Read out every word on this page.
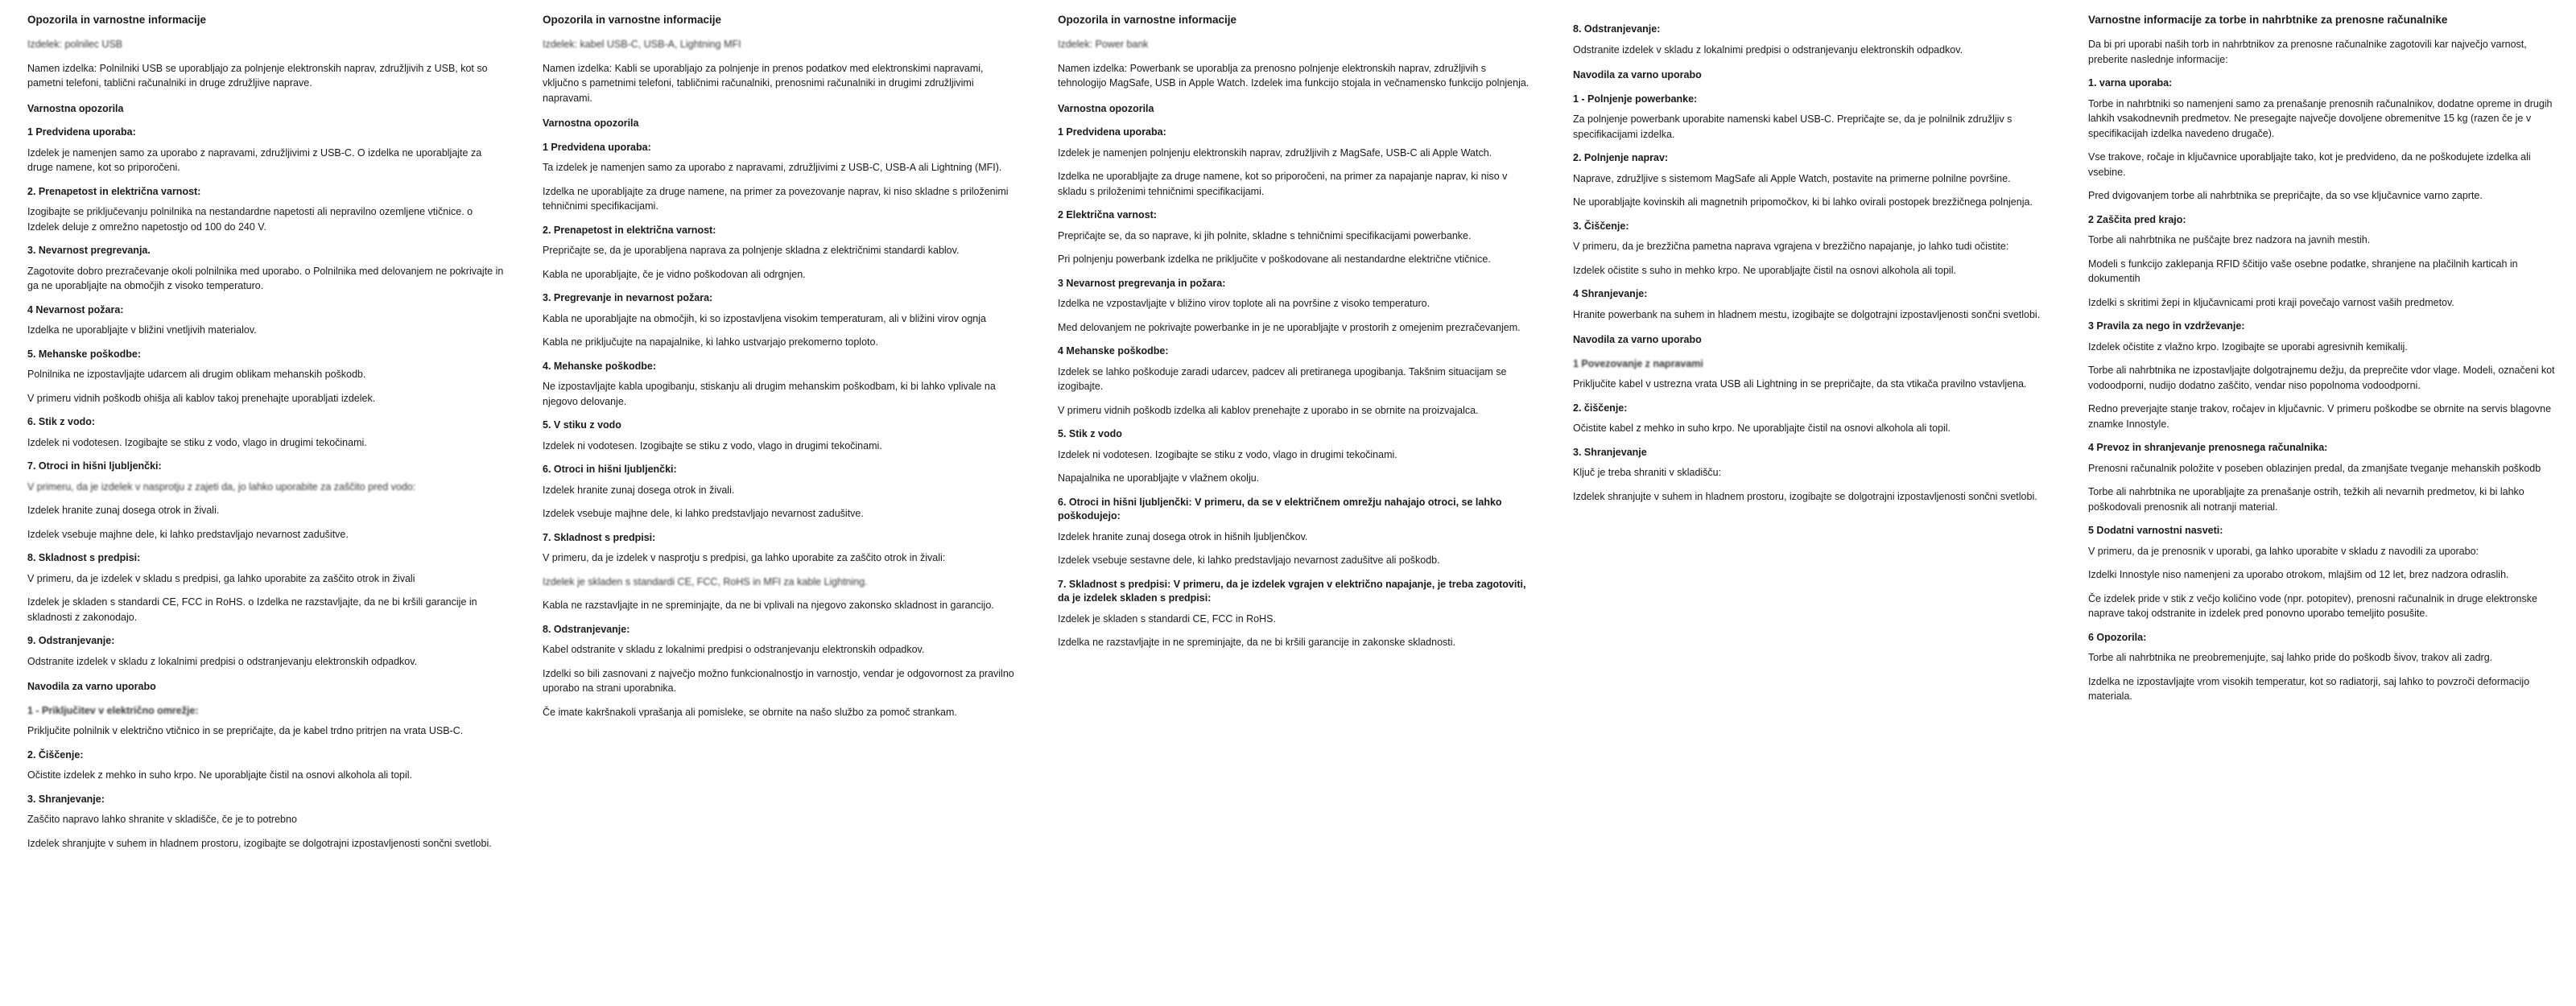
Opozorila in varnostne informacije

Izdelek: polnilec USB

Namen izdelka: Polnilniki USB se uporabljajo za polnjenje elektronskih naprav, združljivih z USB, kot so pametni telefoni, tablični računalniki in druge združljive naprave.

Varnostna opozorila
1 Predvidena uporaba:

Izdelek je namenjen samo za uporabo z napravami, združljivimi z USB-C. O izdelka ne uporabljajte za druge namene, kot so priporočeni.

2. Prenapetost in električna varnost:

Izogibajte se priključevanju polnilnika na nestandardne napetosti ali nepravilno ozemljene vtičnice. o Izdelek deluje z omrežno napetostjo od 100 do 240 V.

3. Nevarnost pregrevanja.

Zagotovite dobro prezračevanje okoli polnilnika med uporabo. o Polnilnika med delovanjem ne pokrivajte in ga ne uporabljajte na območjih z visoko temperaturo.

4 Nevarnost požara:

Izdelka ne uporabljajte v bližini vnetljivih materialov.

5. Mehanske poškodbe:

Polnilnika ne izpostavljajte udarcem ali drugim oblikam mehanskih poškodb.

V primeru vidnih poškodb ohišja ali kablov takoj prenehajte uporabljati izdelek.

6. Stik z vodo:

Izdelek ni vodotesen. Izogibajte se stiku z vodo, vlago in drugimi tekočinami.

7. Otroci in hišni ljubljenčki:

V primeru, da je izdelek v nasprotju z zajeti da, jo lahko uporabite za zaščito pred vodo:

Izdelek hranite zunaj dosega otrok in živali.

Izdelek vsebuje majhne dele, ki lahko predstavljajo nevarnost zadušitve.

8. Skladnost s predpisi:

V primeru, da je izdelek v skladu s predpisi, ga lahko uporabite za zaščito otrok in živali

Izdelek je skladen s standardi CE, FCC in RoHS. o Izdelka ne razstavljajte, da ne bi kršili garancije in skladnosti z zakonodajo.

9. Odstranjevanje:

Odstranite izdelek v skladu z lokalnimi predpisi o odstranjevanju elektronskih odpadkov.

Navodila za varno uporabo
1 - Priključitev v električno omrežje:

Priključite polnilnik v električno vtičnico in se prepričajte, da je kabel trdno pritrjen na vrata USB-C.

2. Čiščenje:

Očistite izdelek z mehko in suho krpo. Ne uporabljajte čistil na osnovi alkohola ali topil.

3. Shranjevanje:

Zaščito napravo lahko shranite v skladišče, če je to potrebno

Izdelek shranjujte v suhem in hladnem prostoru, izogibajte se dolgotrajni izpostavljenosti sončni svetlobi.

Opozorila in varnostne informacije

Izdelek: kabel USB-C, USB-A, Lightning MFI

Namen izdelka: Kabli se uporabljajo za polnjenje in prenos podatkov med elektronskimi napravami, vključno s pametnimi telefoni, tabličnimi računalniki, prenosnimi računalniki in drugimi združljivimi napravami.

Varnostna opozorila
1 Predvidena uporaba:

Ta izdelek je namenjen samo za uporabo z napravami, združljivimi z USB-C, USB-A ali Lightning (MFI).

Izdelka ne uporabljajte za druge namene, na primer za povezovanje naprav, ki niso skladne s priloženimi tehničnimi specifikacijami.

2. Prenapetost in električna varnost:

Prepričajte se, da je uporabljena naprava za polnjenje skladna z električnimi standardi kablov.

Kabla ne uporabljajte, če je vidno poškodovan ali odrgnjen.

3. Pregrevanje in nevarnost požara:

Kabla ne uporabljajte na območjih, ki so izpostavljena visokim temperaturam, ali v bližini virov ognja

Kabla ne priključujte na napajalnike, ki lahko ustvarjajo prekomerno toploto.

4. Mehanske poškodbe:

Ne izpostavljajte kabla upogibanju, stiskanju ali drugim mehanskim poškodbam, ki bi lahko vplivale na njegovo delovanje.

5. V stiku z vodo

Izdelek ni vodotesen. Izogibajte se stiku z vodo, vlago in drugimi tekočinami.

6. Otroci in hišni ljubljenčki:

Izdelek hranite zunaj dosega otrok in živali.

Izdelek vsebuje majhne dele, ki lahko predstavljajo nevarnost zadušitve.

7. Skladnost s predpisi:

V primeru, da je izdelek v nasprotju s predpisi, ga lahko uporabite za zaščito otrok in živali:

Izdelek je skladen s standardi CE, FCC, RoHS in MFI za kable Lightning.

Kabla ne razstavljajte in ne spreminjajte, da ne bi vplivali na njegovo zakonsko skladnost in garancijo.

8. Odstranjevanje:

Kabel odstranite v skladu z lokalnimi predpisi o odstranjevanju elektronskih odpadkov.

Izdelki so bili zasnovani z največjo možno funkcionalnostjo in varnostjo, vendar je odgovornost za pravilno uporabo na strani uporabnika.

Če imate kakršnakoli vprašanja ali pomisleke, se obrnite na našo službo za pomoč strankam.

Opozorila in varnostne informacije

Izdelek: Power bank

Namen izdelka: Powerbank se uporablja za prenosno polnjenje elektronskih naprav, združljivih s tehnologijo MagSafe, USB in Apple Watch. Izdelek ima funkcijo stojala in večnamensko funkcijo polnjenja.

Varnostna opozorila
1 Predvidena uporaba:

Izdelek je namenjen polnjenju elektronskih naprav, združljivih z MagSafe, USB-C ali Apple Watch.

Izdelka ne uporabljajte za druge namene, kot so priporočeni, na primer za napajanje naprav, ki niso v skladu s priloženimi tehničnimi specifikacijami.

2 Električna varnost:

Prepričajte se, da so naprave, ki jih polnite, skladne s tehničnimi specifikacijami powerbanke.

Pri polnjenju powerbank izdelka ne priključite v poškodovane ali nestandardne električne vtičnice.

3 Nevarnost pregrevanja in požara:

Izdelka ne vzpostavljajte v bližino virov toplote ali na površine z visoko temperaturo.

Med delovanjem ne pokrivajte powerbanke in je ne uporabljajte v prostorih z omejenim prezračevanjem.

4 Mehanske poškodbe:

Izdelek se lahko poškoduje zaradi udarcev, padcev ali pretiranega upogibanja. Takšnim situacijam se izogibajte.

V primeru vidnih poškodb izdelka ali kablov prenehajte z uporabo in se obrnite na proizvajalca.

5. Stik z vodo

Izdelek ni vodotesen. Izogibajte se stiku z vodo, vlago in drugimi tekočinami.

Napajalnika ne uporabljajte v vlažnem okolju.

6. Otroci in hišni ljubljenčki: V primeru, da se v električnem omrežju nahajajo otroci, se lahko poškodujejo:

Izdelek hranite zunaj dosega otrok in hišnih ljubljenčkov.

Izdelek vsebuje sestavne dele, ki lahko predstavljajo nevarnost zadušitve ali poškodb.

7. Skladnost s predpisi: V primeru, da je izdelek vgrajen v električno napajanje, je treba zagotoviti, da je izdelek skladen s predpisi:

Izdelek je skladen s standardi CE, FCC in RoHS.

Izdelka ne razstavljajte in ne spreminjajte, da ne bi kršili garancije in zakonske skladnosti.

8. Odstranjevanje:

Odstranite izdelek v skladu z lokalnimi predpisi o odstranjevanju elektronskih odpadkov.

Navodila za varno uporabo
1 - Polnjenje powerbanke:

Za polnjenje powerbank uporabite namenski kabel USB-C. Prepričajte se, da je polnilnik združljiv s specifikacijami izdelka.

2. Polnjenje naprav:

Naprave, združljive s sistemom MagSafe ali Apple Watch, postavite na primerne polnilne površine.

Ne uporabljajte kovinskih ali magnetnih pripomočkov, ki bi lahko ovirali postopek brezžičnega polnjenja.

3. Čiščenje:

V primeru, da je brezžična pametna naprava vgrajena v brezžično napajanje, jo lahko tudi očistite:

Izdelek očistite s suho in mehko krpo. Ne uporabljajte čistil na osnovi alkohola ali topil.

4 Shranjevanje:

Hranite powerbank na suhem in hladnem mestu, izogibajte se dolgotrajni izpostavljenosti sončni svetlobi.

Navodila za varno uporabo
1 Povezovanje z napravami

Priključite kabel v ustrezna vrata USB ali Lightning in se prepričajte, da sta vtikača pravilno vstavljena.

2. čiščenje:

Očistite kabel z mehko in suho krpo. Ne uporabljajte čistil na osnovi alkohola ali topil.

3. Shranjevanje

Ključ je treba shraniti v skladišču:

Izdelek shranjujte v suhem in hladnem prostoru, izogibajte se dolgotrajni izpostavljenosti sončni svetlobi.

Varnostne informacije za torbe in nahrbtnike za prenosne računalnike

Da bi pri uporabi naših torb in nahrbtnikov za prenosne računalnike zagotovili kar največjo varnost, preberite naslednje informacije:

1. varna uporaba:

Torbe in nahrbtniki so namenjeni samo za prenašanje prenosnih računalnikov, dodatne opreme in drugih lahkih vsakodnevnih predmetov. Ne presegajte največje dovoljene obremenitve 15 kg (razen če je v specifikacijah izdelka navedeno drugače).

Vse trakove, ročaje in ključavnice uporabljajte tako, kot je predvideno, da ne poškodujete izdelka ali vsebine.

Pred dvigovanjem torbe ali nahrbtnika se prepričajte, da so vse ključavnice varno zaprte.

2 Zaščita pred krajo:

Torbe ali nahrbtnika ne puščajte brez nadzora na javnih mestih.

Modeli s funkcijo zaklepanja RFID ščitijo vaše osebne podatke, shranjene na plačilnih karticah in dokumentih

Izdelki s skritimi žepi in ključavnicami proti kraji povečajo varnost vaših predmetov.

3 Pravila za nego in vzdrževanje:

Izdelek očistite z vlažno krpo. Izogibajte se uporabi agresivnih kemikalij.

Torbe ali nahrbtnika ne izpostavljajte dolgotrajnemu dežju, da preprečite vdor vlage. Modeli, označeni kot vodoodporni, nudijo dodatno zaščito, vendar niso popolnoma vodoodporni.

Redno preverjajte stanje trakov, ročajev in ključavnic. V primeru poškodbe se obrnite na servis blagovne znamke Innostyle.

4 Prevoz in shranjevanje prenosnega računalnika:

Prenosni računalnik položite v poseben oblazinjen predal, da zmanjšate tveganje mehanskih poškodb

Torbe ali nahrbtnika ne uporabljajte za prenašanje ostrih, težkih ali nevarnih predmetov, ki bi lahko poškodovali prenosnik ali notranji material.

5 Dodatni varnostni nasveti:

V primeru, da je prenosnik v uporabi, ga lahko uporabite v skladu z navodili za uporabo:

Izdelki Innostyle niso namenjeni za uporabo otrokom, mlajšim od 12 let, brez nadzora odraslih.

Če izdelek pride v stik z večjo količino vode (npr. potopitev), prenosni računalnik in druge elektronske naprave takoj odstranite in izdelek pred ponovno uporabo temeljito posušite.

6 Opozorila:

Torbe ali nahrbtnika ne preobremenjujte, saj lahko pride do poškodb šivov, trakov ali zadrg.

Izdelka ne izpostavljajte vrom visokih temperatur, kot so radiatorji, saj lahko to povzroči deformacijo materiala.
